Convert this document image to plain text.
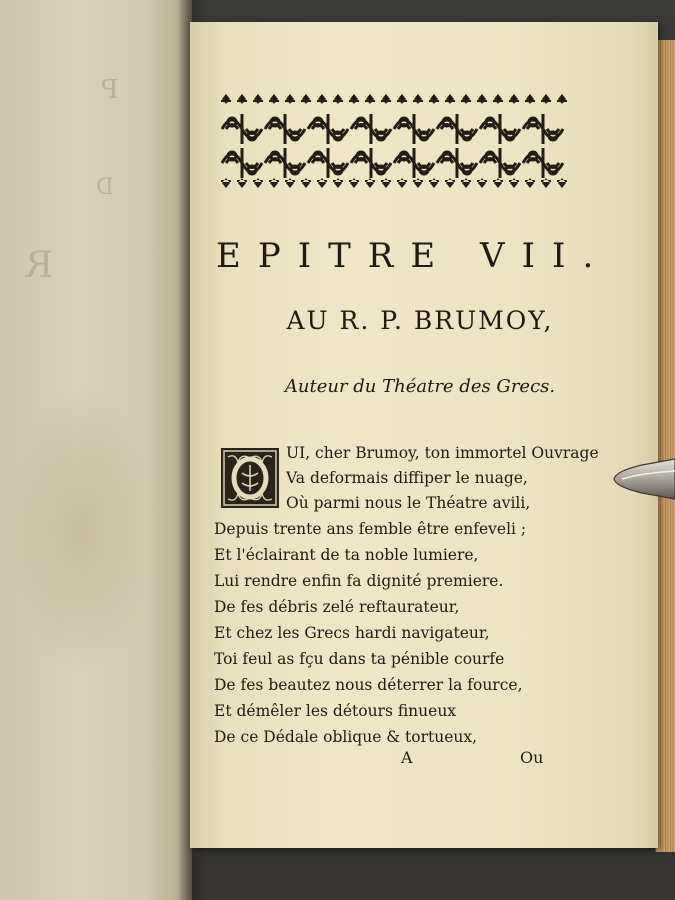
P
D
R	EPITRE VII.
AU R. P. BRUMOY,
Auteur du Théatre des Grecs.
UI, cher Brumoy, ton immortel Ouvrage
Va deformais diffiper le nuage,
Où parmi nous le Théatre avili,
Depuis trente ans femble être enfeveli ;
Et l'éclairant de ta noble lumiere,
Lui rendre enfin fa dignité premiere.
De fes débris zelé reftaurateur,
Et chez les Grecs hardi navigateur,
Toi feul as fçu dans ta pénible courfe
De fes beautez nous déterrer la fource,
Et démêler les détours finueux
De ce Dédale oblique & tortueux,
A	Ou
